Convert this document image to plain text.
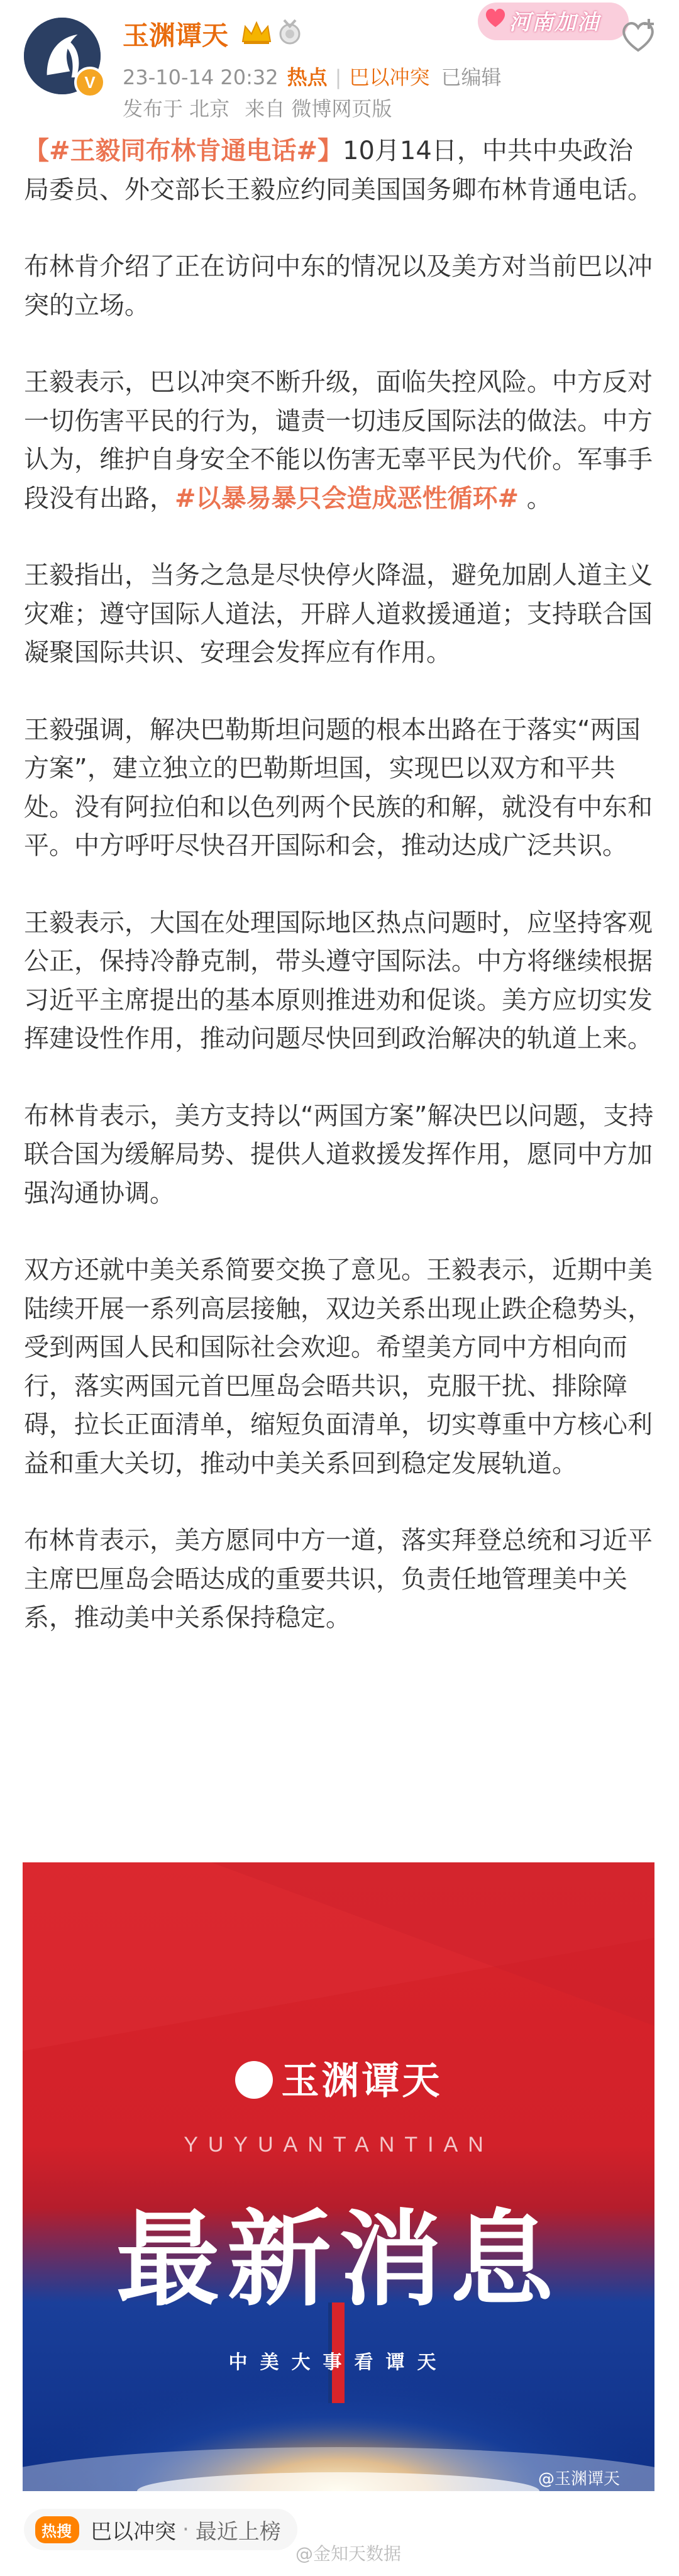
V
玉渊谭天
23-10-14 20:32 热点 | 巴以冲突 已编辑
发布于 北京 来自 微博网页版
河南加油

【#王毅同布林肯通电话#】10月14日，中共中央政治局委员、外交部长王毅应约同美国国务卿布林肯通电话。

布林肯介绍了正在访问中东的情况以及美方对当前巴以冲突的立场。

王毅表示，巴以冲突不断升级，面临失控风险。中方反对一切伤害平民的行为，谴责一切违反国际法的做法。中方认为，维护自身安全不能以伤害无辜平民为代价。军事手段没有出路，#以暴易暴只会造成恶性循环# 。

王毅指出，当务之急是尽快停火降温，避免加剧人道主义灾难；遵守国际人道法，开辟人道救援通道；支持联合国凝聚国际共识、安理会发挥应有作用。

王毅强调，解决巴勒斯坦问题的根本出路在于落实“两国方案”，建立独立的巴勒斯坦国，实现巴以双方和平共处。没有阿拉伯和以色列两个民族的和解，就没有中东和平。中方呼吁尽快召开国际和会，推动达成广泛共识。

王毅表示，大国在处理国际地区热点问题时，应坚持客观公正，保持冷静克制，带头遵守国际法。中方将继续根据习近平主席提出的基本原则推进劝和促谈。美方应切实发挥建设性作用，推动问题尽快回到政治解决的轨道上来。

布林肯表示，美方支持以“两国方案”解决巴以问题，支持联合国为缓解局势、提供人道救援发挥作用，愿同中方加强沟通协调。

双方还就中美关系简要交换了意见。王毅表示，近期中美陆续开展一系列高层接触，双边关系出现止跌企稳势头，受到两国人民和国际社会欢迎。希望美方同中方相向而行，落实两国元首巴厘岛会晤共识，克服干扰、排除障碍，拉长正面清单，缩短负面清单，切实尊重中方核心利益和重大关切，推动中美关系回到稳定发展轨道。

布林肯表示，美方愿同中方一道，落实拜登总统和习近平主席巴厘岛会晤达成的重要共识，负责任地管理美中关系，推动美中关系保持稳定。

玉渊谭天
YUYUANTANTIAN
最新消息
中美大事看谭天
@玉渊谭天
热搜 巴以冲突 · 最近上榜
@金知天数据
